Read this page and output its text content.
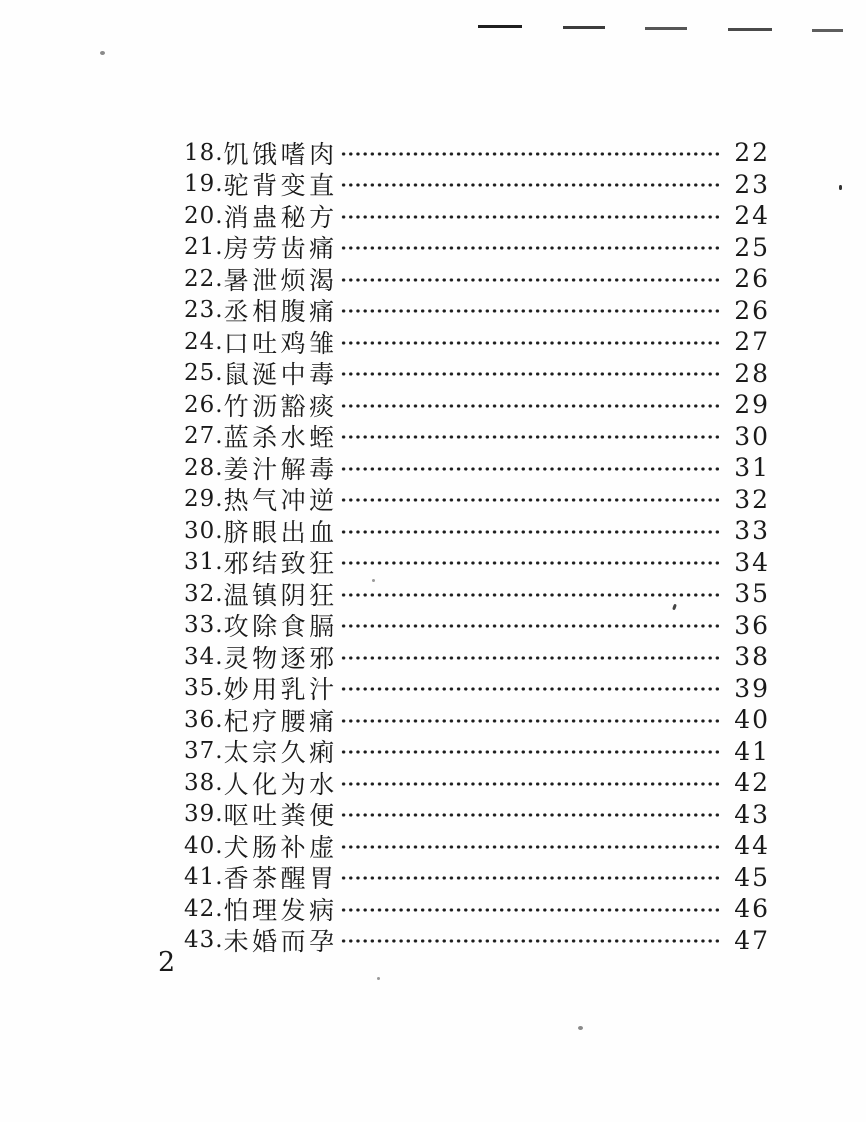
18. 饥饿嗜肉	22
19. 驼背变直	23
20. 消蛊秘方	24
21. 房劳齿痛	25
22. 暑泄烦渴	26
23. 丞相腹痛	26
24. 口吐鸡雏	27
25. 鼠涎中毒	28
26. 竹沥豁痰	29
27. 蓝杀水蛭	30
28. 姜汁解毒	31
29. 热气冲逆	32
30. 脐眼出血	33
31. 邪结致狂	34
32. 温镇阴狂	35
33. 攻除食膈	36
34. 灵物逐邪	38
35. 妙用乳汁	39
36. 杞疗腰痛	40
37. 太宗久痢	41
38. 人化为水	42
39. 呕吐粪便	43
40. 犬肠补虚	44
41. 香茶醒胃	45
42. 怕理发病	46
43. 未婚而孕	47
2
